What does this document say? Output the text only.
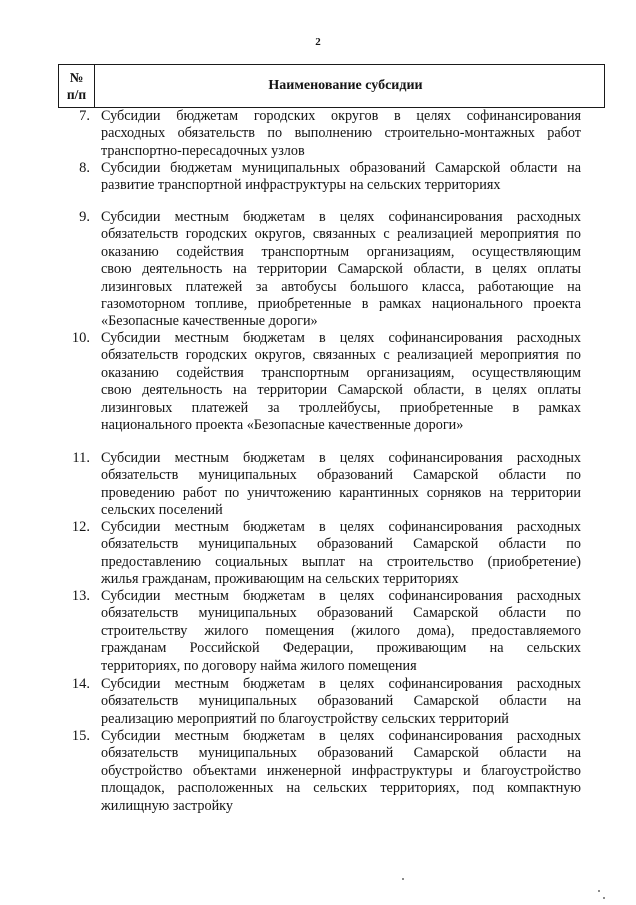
2
№
п/п
Наименование субсидии
7. Субсидии бюджетам городских округов в целях софинансирования
расходных обязательств по выполнению строительно-монтажных работ
транспортно-пересадочных узлов
8. Субсидии бюджетам муниципальных образований Самарской области на
развитие транспортной инфраструктуры на сельских территориях
9. Субсидии местным бюджетам в целях софинансирования расходных
обязательств городских округов, связанных с реализацией мероприятия по
оказанию содействия транспортным организациям, осуществляющим
свою деятельность на территории Самарской области, в целях оплаты
лизинговых платежей за автобусы большого класса, работающие на
газомоторном топливе, приобретенные в рамках национального проекта
«Безопасные качественные дороги»
10. Субсидии местным бюджетам в целях софинансирования расходных
обязательств городских округов, связанных с реализацией мероприятия по
оказанию содействия транспортным организациям, осуществляющим
свою деятельность на территории Самарской области, в целях оплаты
лизинговых платежей за троллейбусы, приобретенные в рамках
национального проекта «Безопасные качественные дороги»
11. Субсидии местным бюджетам в целях софинансирования расходных
обязательств муниципальных образований Самарской области по
проведению работ по уничтожению карантинных сорняков на территории
сельских поселений
12. Субсидии местным бюджетам в целях софинансирования расходных
обязательств муниципальных образований Самарской области по
предоставлению социальных выплат на строительство (приобретение)
жилья гражданам, проживающим на сельских территориях
13. Субсидии местным бюджетам в целях софинансирования расходных
обязательств муниципальных образований Самарской области по
строительству жилого помещения (жилого дома), предоставляемого
гражданам Российской Федерации, проживающим на сельских
территориях, по договору найма жилого помещения
14. Субсидии местным бюджетам в целях софинансирования расходных
обязательств муниципальных образований Самарской области на
реализацию мероприятий по благоустройству сельских территорий
15. Субсидии местным бюджетам в целях софинансирования расходных
обязательств муниципальных образований Самарской области на
обустройство объектами инженерной инфраструктуры и благоустройство
площадок, расположенных на сельских территориях, под компактную
жилищную застройку
